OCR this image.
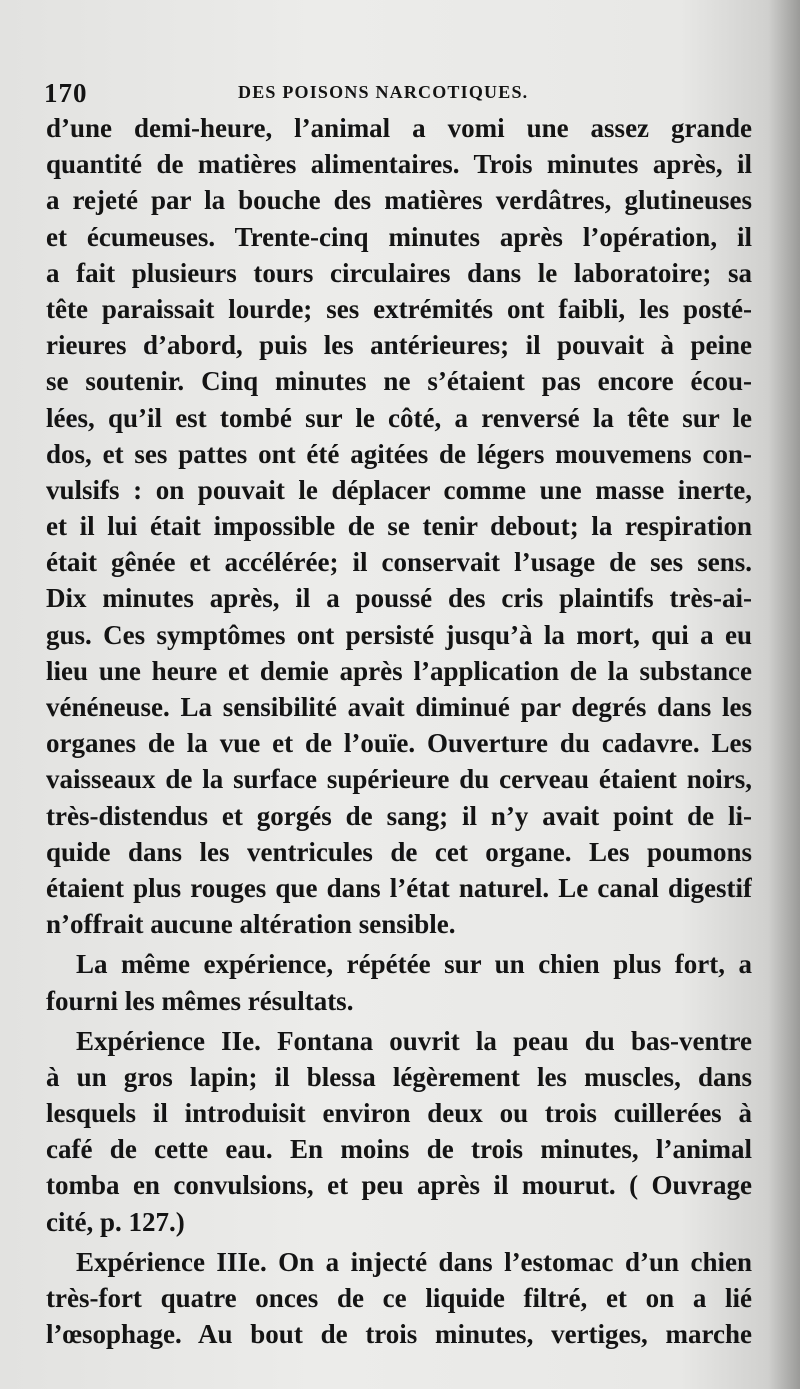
170	DES POISONS NARCOTIQUES.
d’une demi-heure, l’animal a vomi une assez grande
quantité de matières alimentaires. Trois minutes après, il
a rejeté par la bouche des matières verdâtres, glutineuses
et écumeuses. Trente-cinq minutes après l’opération, il
a fait plusieurs tours circulaires dans le laboratoire; sa
tête paraissait lourde; ses extrémités ont faibli, les posté-
rieures d’abord, puis les antérieures; il pouvait à peine
se soutenir. Cinq minutes ne s’étaient pas encore écou-
lées, qu’il est tombé sur le côté, a renversé la tête sur le
dos, et ses pattes ont été agitées de légers mouvemens con-
vulsifs : on pouvait le déplacer comme une masse inerte,
et il lui était impossible de se tenir debout; la respiration
était gênée et accélérée; il conservait l’usage de ses sens.
Dix minutes après, il a poussé des cris plaintifs très-ai-
gus. Ces symptômes ont persisté jusqu’à la mort, qui a eu
lieu une heure et demie après l’application de la substance
vénéneuse. La sensibilité avait diminué par degrés dans les
organes de la vue et de l’ouïe. Ouverture du cadavre. Les
vaisseaux de la surface supérieure du cerveau étaient noirs,
très-distendus et gorgés de sang; il n’y avait point de li-
quide dans les ventricules de cet organe. Les poumons
étaient plus rouges que dans l’état naturel. Le canal digestif
n’offrait aucune altération sensible.
La même expérience, répétée sur un chien plus fort, a
fourni les mêmes résultats.
Expérience IIe. Fontana ouvrit la peau du bas-ventre
à un gros lapin; il blessa légèrement les muscles, dans
lesquels il introduisit environ deux ou trois cuillerées à
café de cette eau. En moins de trois minutes, l’animal
tomba en convulsions, et peu après il mourut. ( Ouvrage
cité, p. 127.)
Expérience IIIe. On a injecté dans l’estomac d’un chien
très-fort quatre onces de ce liquide filtré, et on a lié
l’œsophage. Au bout de trois minutes, vertiges, marche
